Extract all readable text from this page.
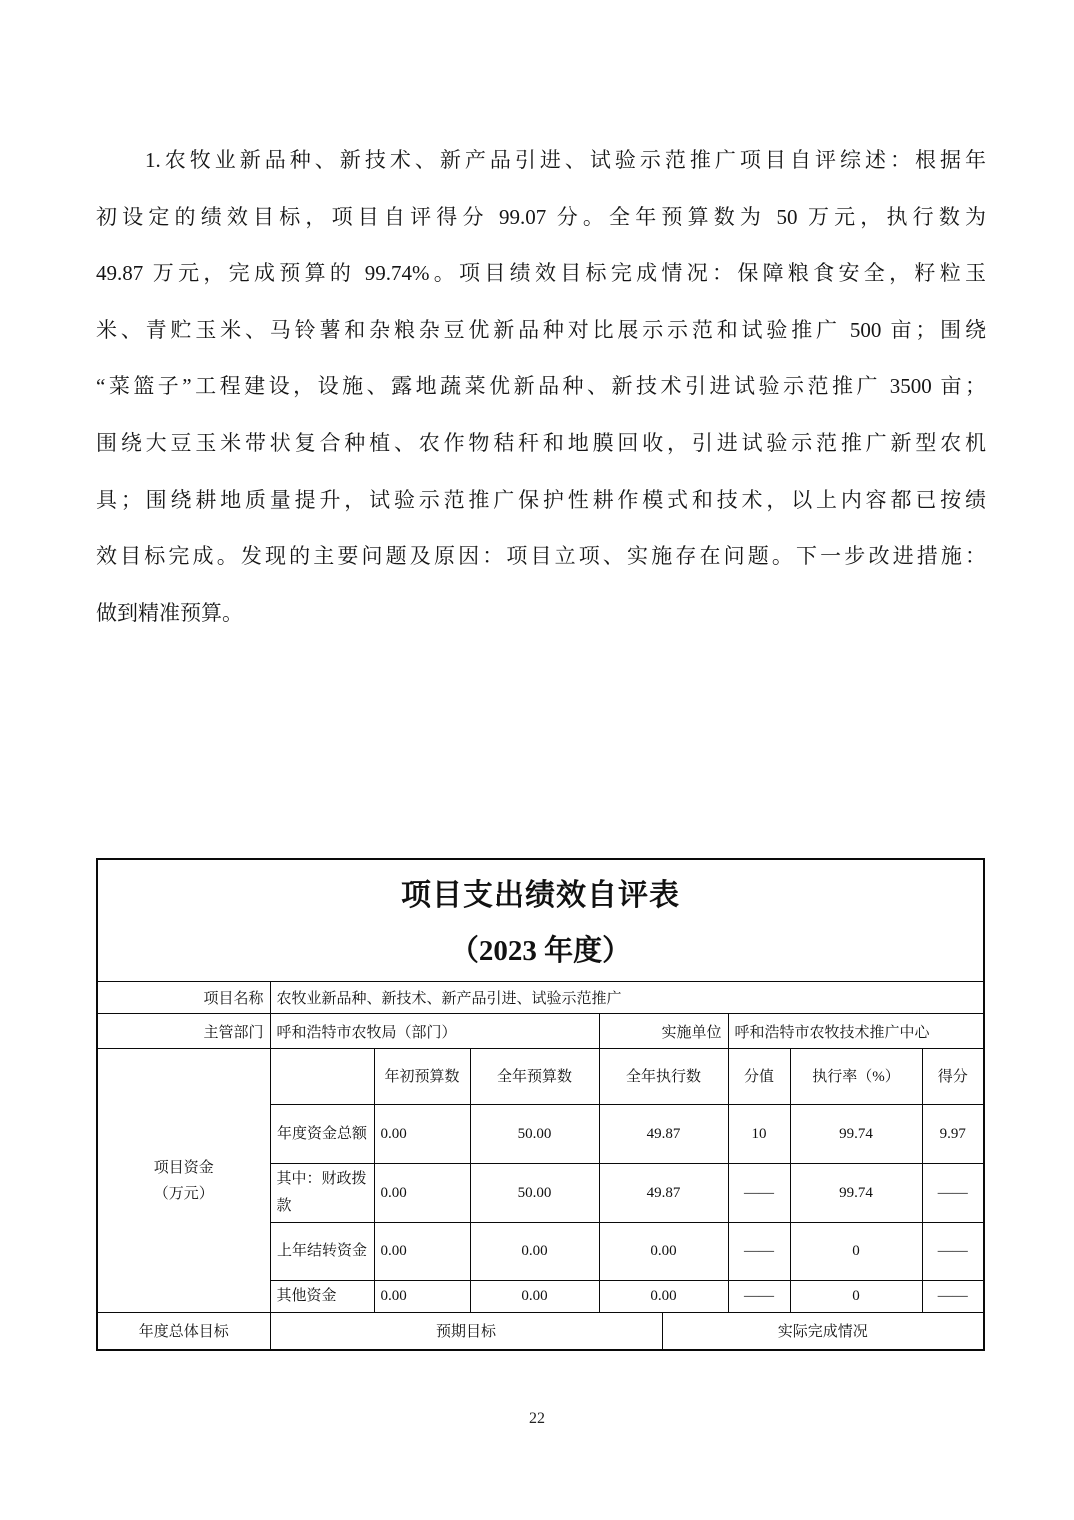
1.农牧业新品种、新技术、新产品引进、试验示范推广项目自评综述：根据年
初设定的绩效目标，项目自评得分 99.07 分。全年预算数为 50 万元，执行数为
49.87 万元，完成预算的 99.74%。项目绩效目标完成情况：保障粮食安全，籽粒玉
米、青贮玉米、马铃薯和杂粮杂豆优新品种对比展示示范和试验推广 500 亩；围绕
“菜篮子”工程建设，设施、露地蔬菜优新品种、新技术引进试验示范推广 3500 亩；
围绕大豆玉米带状复合种植、农作物秸秆和地膜回收，引进试验示范推广新型农机
具；围绕耕地质量提升，试验示范推广保护性耕作模式和技术，以上内容都已按绩
效目标完成。发现的主要问题及原因：项目立项、实施存在问题。下一步改进措施：
做到精准预算。
项目支出绩效自评表
（2023 年度）								

项目名称	农牧业新品种、新技术、新产品引进、试验示范推广							
主管部门	呼和浩特市农牧局（部门）			实施单位		呼和浩特市农牧技术推广中心		

项目资金
（万元）		年初预算数	全年预算数	全年执行数		分值	执行率（%）	得分
	年度资金总额	0.00	50.00	49.87		10	99.74	9.97
	其中：财政拨款	0.00	50.00	49.87		——	99.74	——
	上年结转资金	0.00	0.00	0.00		——	0	——
	其他资金	0.00	0.00	0.00		——	0	——
年度总体目标	预期目标				实际完成情况			
22
